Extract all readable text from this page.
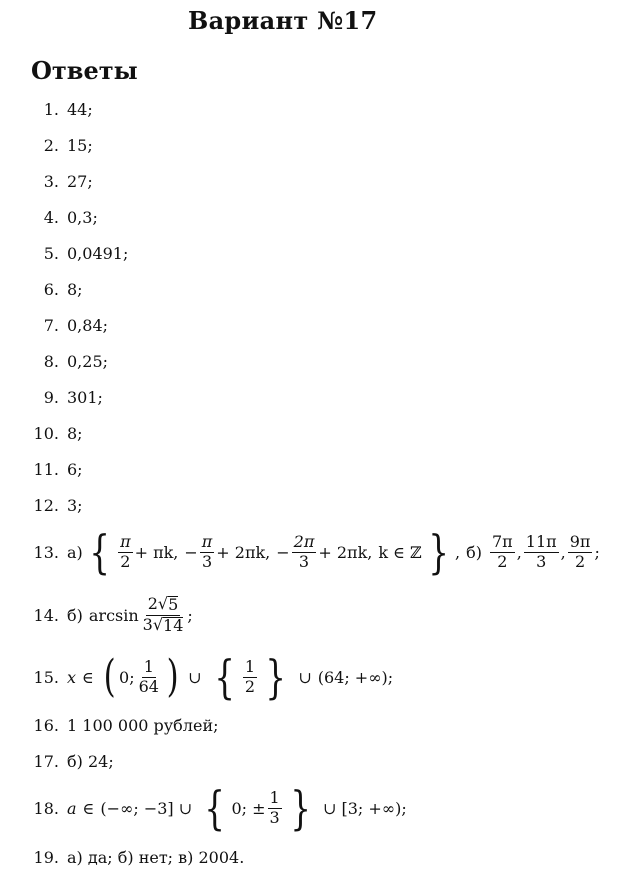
Вариант №17
Ответы
1. 44;
2. 15;
3. 27;
4. 0,3;
5. 0,0491;
6. 8;
7. 0,84;
8. 0,25;
9. 301;
10. 8;
11. 6;
12. 3;
13. а) { $\frac{\pi}{2} + \pi k$, − $\frac{\pi}{3} + 2\pi k$, − $\frac{2\pi}{3} + 2\pi k$, k ∈ ℤ } , $б) \frac{7\pi}{2}$ , $\frac{11\pi}{3}$ , $\frac{9\pi}{2}$ ;
14. б) $\arcsin \frac{2 √ 5}{3 √ 14}$ ;
15. x ∈ ( 0; $\frac{1}{64}$ ) ∪ { $\frac{1}{2}$ } ∪ (64; +∞);
16. 1 100 000 рублей;
17. б) 24;
18. a ∈ (−∞; −3] ∪ { 0; ± $\frac{1}{3}$ } ∪ [3; +∞);
19. а) да; б) нет; в) 2004.
